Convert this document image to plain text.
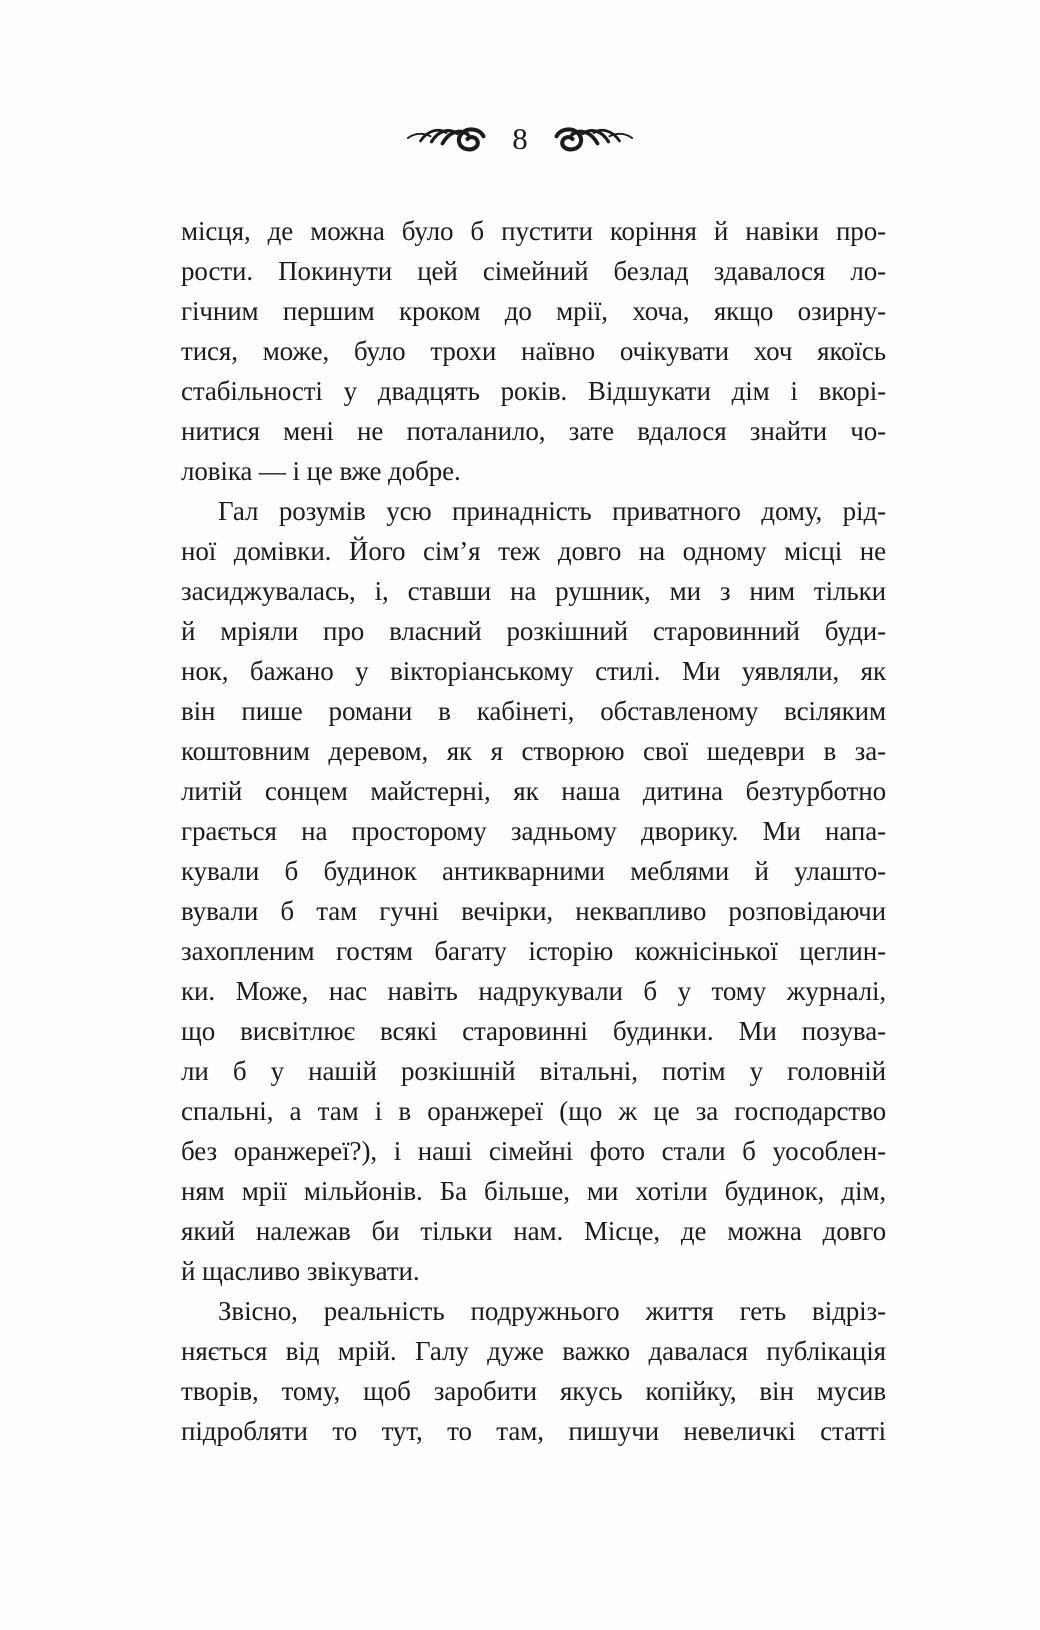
8

місця, де можна було б пустити коріння й навіки про-
рости. Покинути цей сімейний безлад здавалося ло-
гічним першим кроком до мрії, хоча, якщо озирну-
тися, може, було трохи наївно очікувати хоч якоїсь
стабільності у двадцять років. Відшукати дім і вкорі-
нитися мені не поталанило, зате вдалося знайти чо-
ловіка — і це вже добре.

Гал розумів усю принадність приватного дому, рід-
ної домівки. Його сім’я теж довго на одному місці не
засиджувалась, і, ставши на рушник, ми з ним тільки
й мріяли про власний розкішний старовинний буди-
нок, бажано у вікторіанському стилі. Ми уявляли, як
він пише романи в кабінеті, обставленому всіляким
коштовним деревом, як я створюю свої шедеври в за-
литій сонцем майстерні, як наша дитина безтурботно
грається на просторому задньому дворику. Ми напа-
кували б будинок антикварними меблями й улашто-
вували б там гучні вечірки, неквапливо розповідаючи
захопленим гостям багату історію кожнісінької цеглин-
ки. Може, нас навіть надрукували б у тому журналі,
що висвітлює всякі старовинні будинки. Ми позува-
ли б у нашій розкішній вітальні, потім у головній
спальні, а там і в оранжереї (що ж це за господарство
без оранжереї?), і наші сімейні фото стали б уособлен-
ням мрії мільйонів. Ба більше, ми хотіли будинок, дім,
який належав би тільки нам. Місце, де можна довго
й щасливо звікувати.

Звісно, реальність подружнього життя геть відріз-
няється від мрій. Галу дуже важко давалася публікація
творів, тому, щоб заробити якусь копійку, він мусив
підробляти то тут, то там, пишучи невеличкі статті
